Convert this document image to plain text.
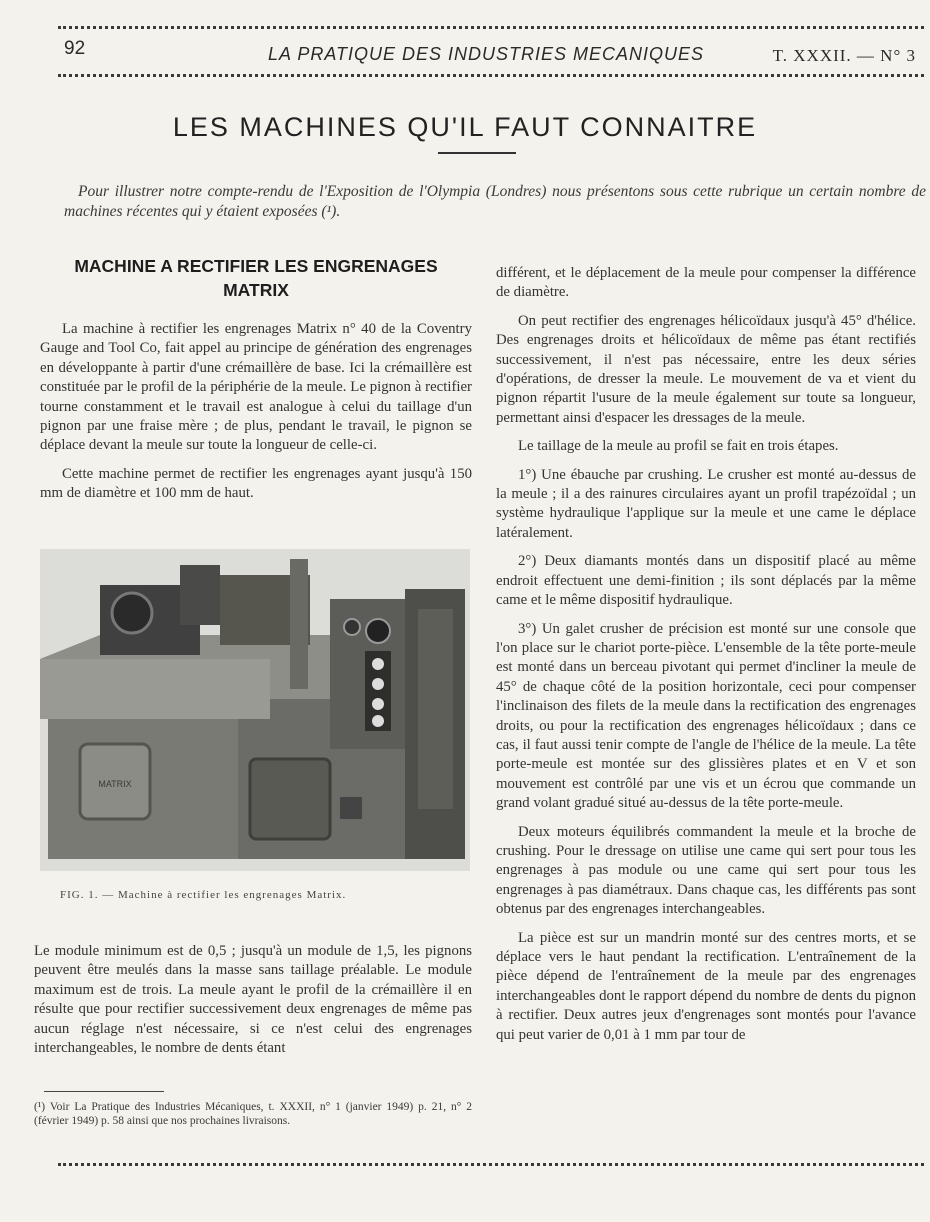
92	LA PRATIQUE DES INDUSTRIES MECANIQUES	T. XXXII. — N° 3
LES MACHINES QU'IL FAUT CONNAITRE
Pour illustrer notre compte-rendu de l'Exposition de l'Olympia (Londres) nous présentons sous cette rubrique un certain nombre de machines récentes qui y étaient exposées (¹).
MACHINE A RECTIFIER LES ENGRENAGES MATRIX

La machine à rectifier les engrenages Matrix n° 40 de la Coventry Gauge and Tool Co, fait appel au principe de génération des engrenages en développante à partir d'une crémaillère de base. Ici la crémaillère est constituée par le profil de la périphérie de la meule. Le pignon à rectifier tourne constamment et le travail est analogue à celui du taillage d'un pignon par une fraise mère ; de plus, pendant le travail, le pignon se déplace devant la meule sur toute la longueur de celle-ci.

Cette machine permet de rectifier les engrenages ayant jusqu'à 150 mm de diamètre et 100 mm de haut.

MATRIX
FIG. 1. — Machine à rectifier les engrenages Matrix.

Le module minimum est de 0,5 ; jusqu'à un module de 1,5, les pignons peuvent être meulés dans la masse sans taillage préalable. Le module maximum est de trois. La meule ayant le profil de la crémaillère il en résulte que pour rectifier successivement deux engrenages de même pas aucun réglage n'est nécessaire, si ce n'est celui des engrenages interchangeables, le nombre de dents étant

(¹) Voir La Pratique des Industries Mécaniques, t. XXXII, n° 1 (janvier 1949) p. 21, n° 2 (février 1949) p. 58 ainsi que nos prochaines livraisons.

différent, et le déplacement de la meule pour compenser la différence de diamètre.

On peut rectifier des engrenages hélicoïdaux jusqu'à 45° d'hélice. Des engrenages droits et hélicoïdaux de même pas étant rectifiés successivement, il n'est pas nécessaire, entre les deux séries d'opérations, de dresser la meule. Le mouvement de va et vient du pignon répartit l'usure de la meule également sur toute sa longueur, permettant ainsi d'espacer les dressages de la meule.

Le taillage de la meule au profil se fait en trois étapes.

1°) Une ébauche par crushing. Le crusher est monté au-dessus de la meule ; il a des rainures circulaires ayant un profil trapézoïdal ; un système hydraulique l'applique sur la meule et une came le déplace latéralement.

2°) Deux diamants montés dans un dispositif placé au même endroit effectuent une demi-finition ; ils sont déplacés par la même came et le même dispositif hydraulique.

3°) Un galet crusher de précision est monté sur une console que l'on place sur le chariot porte-pièce. L'ensemble de la tête porte-meule est monté dans un berceau pivotant qui permet d'incliner la meule de 45° de chaque côté de la position horizontale, ceci pour compenser l'inclinaison des filets de la meule dans la rectification des engrenages droits, ou pour la rectification des engrenages hélicoïdaux ; dans ce cas, il faut aussi tenir compte de l'angle de l'hélice de la meule. La tête porte-meule est montée sur des glissières plates et en V et son mouvement est contrôlé par une vis et un écrou que commande un grand volant gradué situé au-dessus de la tête porte-meule.

Deux moteurs équilibrés commandent la meule et la broche de crushing. Pour le dressage on utilise une came qui sert pour tous les engrenages à pas module ou une came qui sert pour tous les engrenages à pas diamétraux. Dans chaque cas, les différents pas sont obtenus par des engrenages interchangeables.

La pièce est sur un mandrin monté sur des centres morts, et se déplace vers le haut pendant la rectification. L'entraînement de la pièce dépend de l'entraînement de la meule par des engrenages interchangeables dont le rapport dépend du nombre de dents du pignon à rectifier. Deux autres jeux d'engrenages sont montés pour l'avance qui peut varier de 0,01 à 1 mm par tour de
